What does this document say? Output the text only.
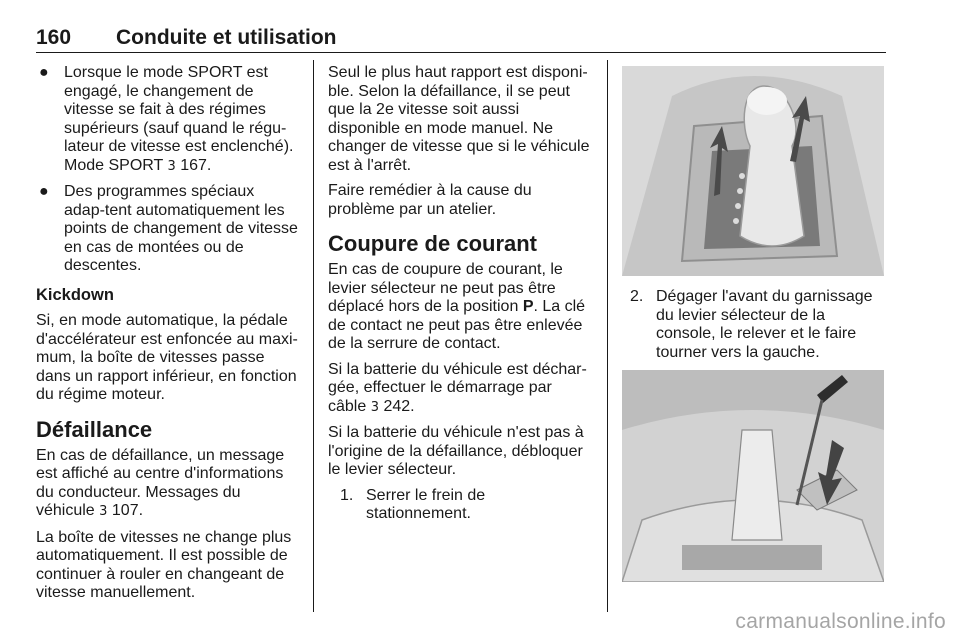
160 Conduite et utilisation
● Lorsque le mode SPORT est engagé, le changement de vitesse se fait à des régimes supérieurs (sauf quand le régu-lateur de vitesse est enclenché). Mode SPORT 3 167.
● Des programmes spéciaux adap-tent automatiquement les points de changement de vitesse en cas de montées ou de descentes.
Kickdown

Si, en mode automatique, la pédale d'accélérateur est enfoncée au maxi-mum, la boîte de vitesses passe dans un rapport inférieur, en fonction du régime moteur.

Défaillance

En cas de défaillance, un message est affiché au centre d'informations du conducteur. Messages du véhicule 3 107.

La boîte de vitesses ne change plus automatiquement. Il est possible de continuer à rouler en changeant de vitesse manuellement.

Seul le plus haut rapport est disponi-ble. Selon la défaillance, il se peut que la 2e vitesse soit aussi disponible en mode manuel. Ne changer de vitesse que si le véhicule est à l'arrêt.

Faire remédier à la cause du problème par un atelier.

Coupure de courant

En cas de coupure de courant, le levier sélecteur ne peut pas être déplacé hors de la position P. La clé de contact ne peut pas être enlevée de la serrure de contact.

Si la batterie du véhicule est déchar-gée, effectuer le démarrage par câble 3 242.

Si la batterie du véhicule n'est pas à l'origine de la défaillance, débloquer le levier sélecteur.

1. Serrer le frein de stationnement.
2. Dégager l'avant du garnissage du levier sélecteur de la console, le relever et le faire tourner vers la gauche.
carmanualsonline.info
